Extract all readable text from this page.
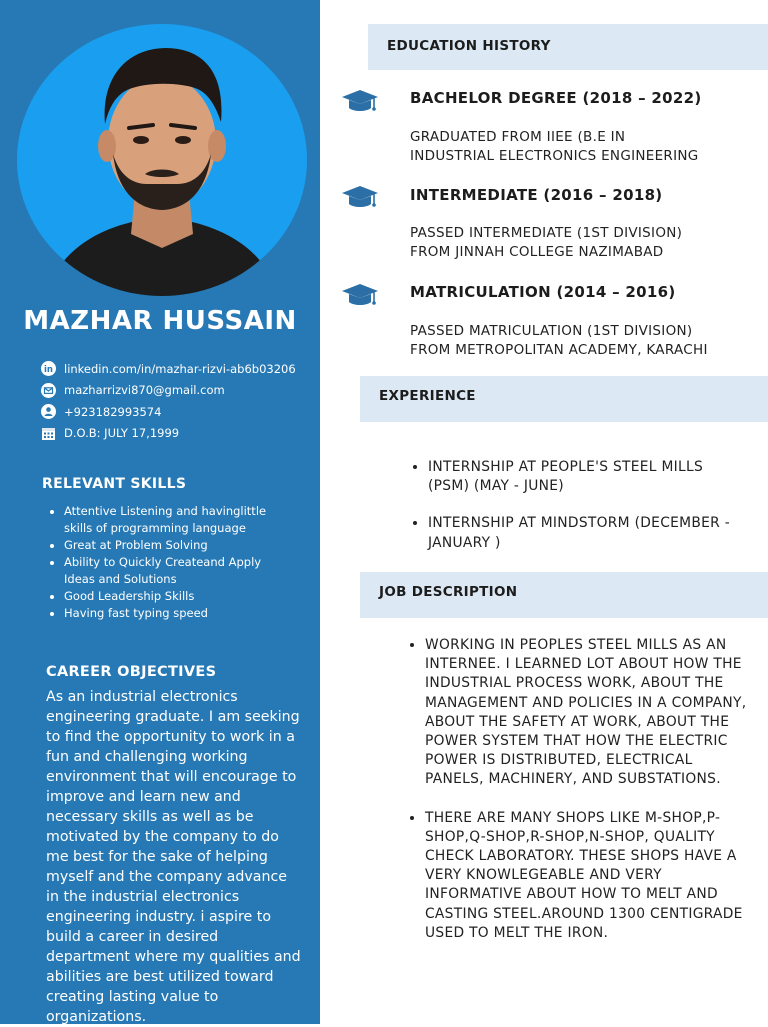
MAZHAR HUSSAIN
in linkedin.com/in/mazhar-rizvi-ab6b03206
mazharrizvi870@gmail.com
+923182993574
D.O.B: JULY 17,1999
RELEVANT SKILLS
• Attentive Listening and havinglittle skills of programming language
• Great at Problem Solving
• Ability to Quickly Createand Apply Ideas and Solutions
• Good Leadership Skills
• Having fast typing speed
CAREER OBJECTIVES

As an industrial electronics engineering graduate. I am seeking to find the opportunity to work in a fun and challenging working environment that will encourage to improve and learn new and necessary skills as well as be motivated by the company to do me best for the sake of helping myself and the company advance in the industrial electronics engineering industry. i aspire to build a career in desired department where my qualities and abilities are best utilized toward creating lasting value to organizations.

EDUCATION HISTORY
BACHELOR DEGREE (2018 – 2022)
GRADUATED FROM IIEE (B.E IN
INDUSTRIAL ELECTRONICS ENGINEERING
INTERMEDIATE (2016 – 2018)
PASSED INTERMEDIATE (1ST DIVISION)
FROM JINNAH COLLEGE NAZIMABAD
MATRICULATION (2014 – 2016)
PASSED MATRICULATION (1ST DIVISION)
FROM METROPOLITAN ACADEMY, KARACHI
EXPERIENCE
• INTERNSHIP AT PEOPLE'S STEEL MILLS (PSM) (MAY - JUNE)
• INTERNSHIP AT MINDSTORM (DECEMBER - JANUARY )
JOB DESCRIPTION
• WORKING IN PEOPLES STEEL MILLS AS AN INTERNEE. I LEARNED LOT ABOUT HOW THE INDUSTRIAL PROCESS WORK, ABOUT THE MANAGEMENT AND POLICIES IN A COMPANY, ABOUT THE SAFETY AT WORK, ABOUT THE POWER SYSTEM THAT HOW THE ELECTRIC POWER IS DISTRIBUTED, ELECTRICAL PANELS, MACHINERY, AND SUBSTATIONS.
• THERE ARE MANY SHOPS LIKE M-SHOP,P-SHOP,Q-SHOP,R-SHOP,N-SHOP, QUALITY CHECK LABORATORY. THESE SHOPS HAVE A VERY KNOWLEGEABLE AND VERY INFORMATIVE ABOUT HOW TO MELT AND CASTING STEEL.AROUND 1300 CENTIGRADE USED TO MELT THE IRON.
